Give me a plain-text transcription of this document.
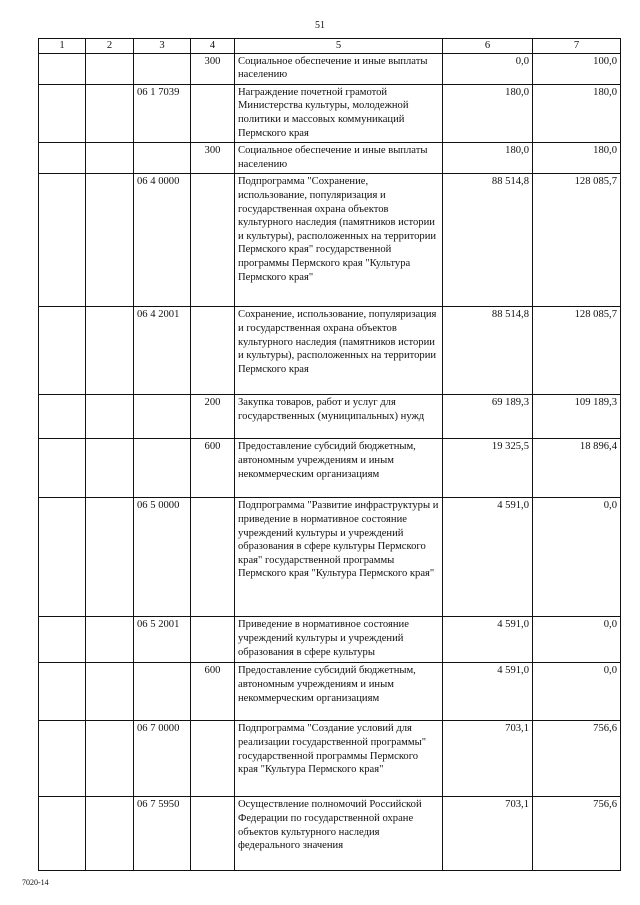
51
1	2	3	4	5	6	7
			300	Социальное обеспечение и иные выплаты населению	0,0	100,0
		06 1 7039		Награждение почетной грамотой Министерства культуры, молодежной политики и массовых коммуникаций Пермского края	180,0	180,0
			300	Социальное обеспечение и иные выплаты населению	180,0	180,0
		06 4 0000		Подпрограмма "Сохранение, использование, популяризация и государственная охрана объектов культурного наследия (памятников истории и культуры), расположенных на территории Пермского края" государственной программы Пермского края "Культура Пермского края"	88 514,8	128 085,7
		06 4 2001		Сохранение, использование, популяризация и государственная охрана объектов культурного наследия (памятников истории и культуры), расположенных на территории Пермского края	88 514,8	128 085,7
			200	Закупка товаров, работ и услуг для государственных (муниципальных) нужд	69 189,3	109 189,3
			600	Предоставление субсидий бюджетным, автономным учреждениям и иным некоммерческим организациям	19 325,5	18 896,4
		06 5 0000		Подпрограмма "Развитие инфраструктуры и приведение в нормативное состояние учреждений культуры и учреждений образования в сфере культуры Пермского края" государственной программы Пермского края "Культура Пермского края"	4 591,0	0,0
		06 5 2001		Приведение в нормативное состояние учреждений культуры и учреждений образования в сфере культуры	4 591,0	0,0
			600	Предоставление субсидий бюджетным, автономным учреждениям и иным некоммерческим организациям	4 591,0	0,0
		06 7 0000		Подпрограмма "Создание условий для реализации государственной программы" государственной программы Пермского края "Культура Пермского края"	703,1	756,6
		06 7 5950		Осуществление полномочий Российской Федерации по государственной охране объектов культурного наследия федерального значения	703,1	756,6
7020-14
